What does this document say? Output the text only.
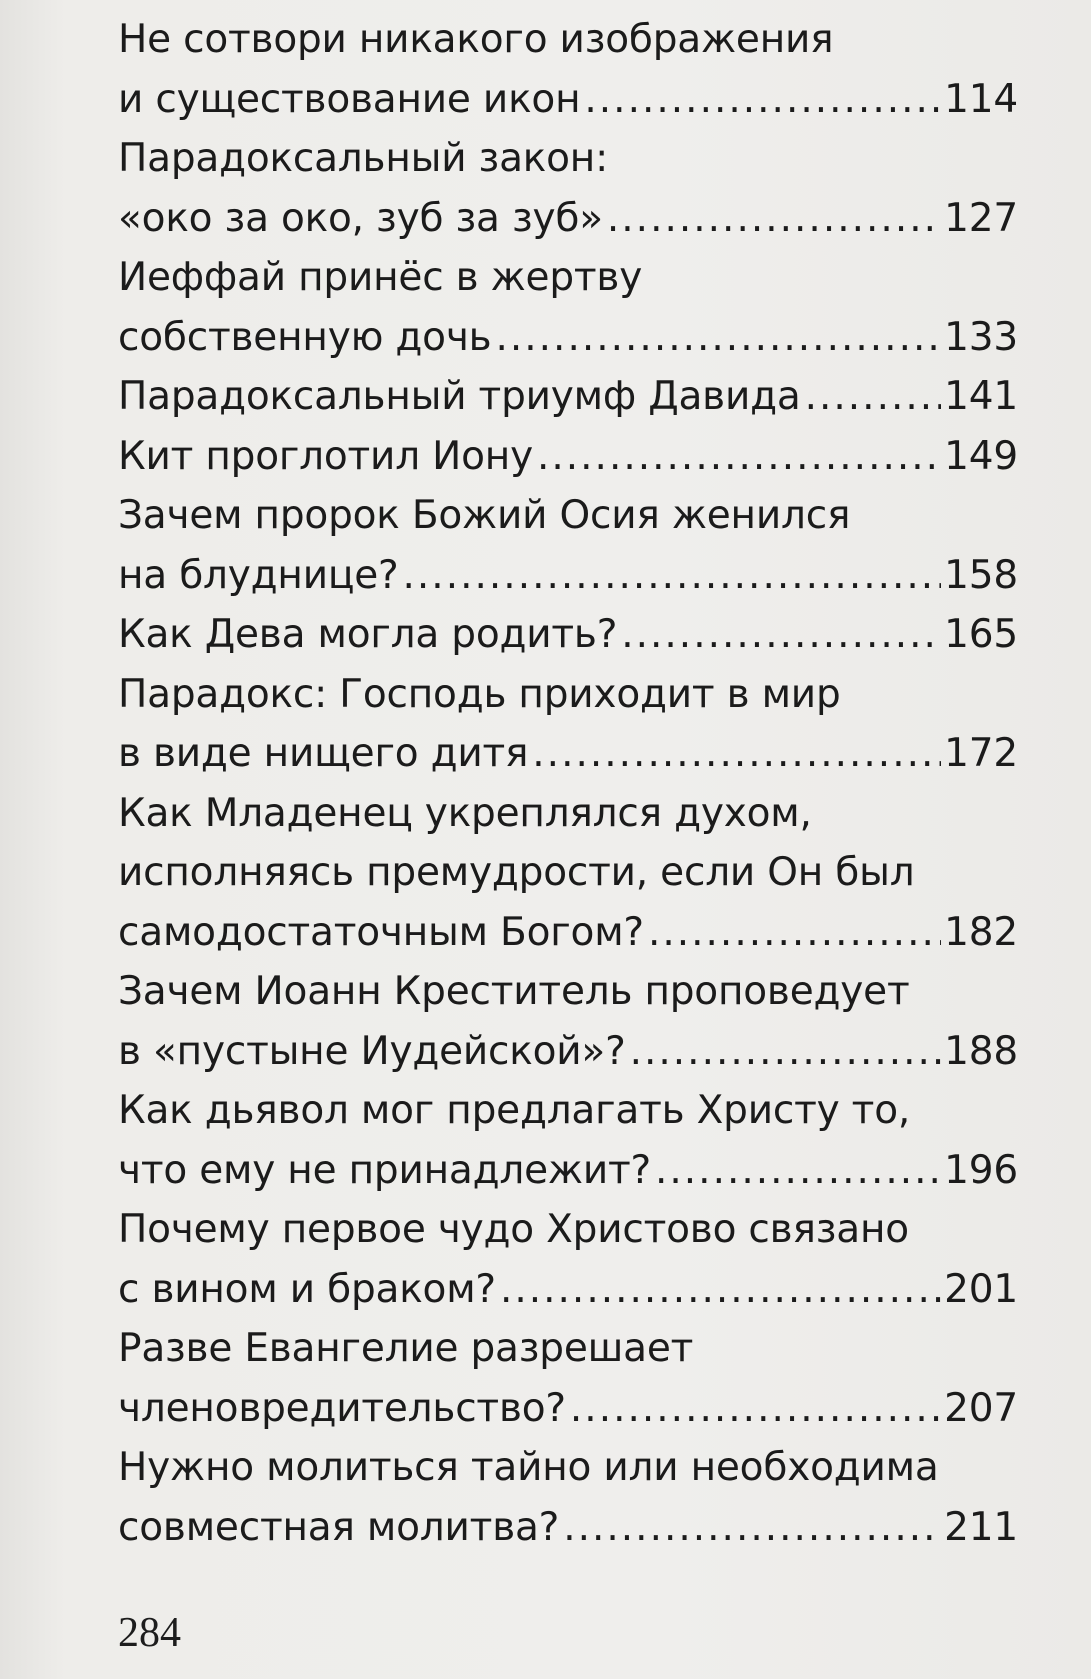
Не сотвори никакого изображения
и существование икон .....	114
Парадоксальный закон:
«око за око, зуб за зуб» .....	127
Иеффай принёс в жертву
собственную дочь .....	133
Парадоксальный триумф Давида .....	141
Кит проглотил Иону .....	149
Зачем пророк Божий Осия женился
на блуднице? .....	158
Как Дева могла родить? .....	165
Парадокс: Господь приходит в мир
в виде нищего дитя .....	172
Как Младенец укреплялся духом,
исполняясь премудрости, если Он был
самодостаточным Богом? .....	182
Зачем Иоанн Креститель проповедует
в «пустыне Иудейской»? .....	188
Как дьявол мог предлагать Христу то,
что ему не принадлежит? .....	196
Почему первое чудо Христово связано
с вином и браком? .....	201
Разве Евангелие разрешает
членовредительство? .....	207
Нужно молиться тайно или необходима
совместная молитва? .....	211
284
